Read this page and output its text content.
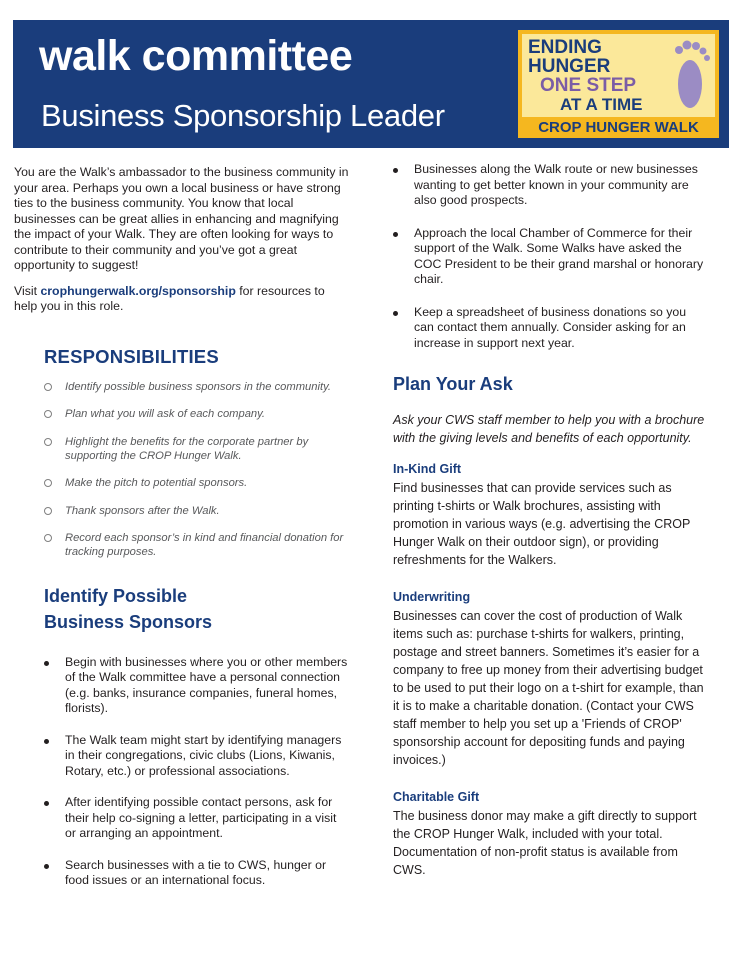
walk committee
Business Sponsorship Leader
ENDING
HUNGER
ONE STEP
AT A TIME
CROP HUNGER WALK

You are the Walk’s ambassador to the business community in your area. Perhaps you own a local business or have strong ties to the business community. You know that local businesses can be great allies in enhancing and magnifying the impact of your Walk. They are often looking for ways to contribute to their community and you’ve got a great opportunity to suggest!

Visit crophungerwalk.org/sponsorship for resources to help you in this role.

RESPONSIBILITIES
Identify possible business sponsors in the community.
Plan what you will ask of each company.
Highlight the benefits for the corporate partner by supporting the CROP Hunger Walk.
Make the pitch to potential sponsors.
Thank sponsors after the Walk.
Record each sponsor’s in kind and financial donation for tracking purposes.
Identify Possible
Business Sponsors
Begin with businesses where you or other members of the Walk committee have a personal connection (e.g. banks, insurance companies, funeral homes, florists).
The Walk team might start by identifying managers in their congregations, civic clubs (Lions, Kiwanis, Rotary, etc.) or professional associations.
After identifying possible contact persons, ask for their help co-signing a letter, participating in a visit or arranging an appointment.
Search businesses with a tie to CWS, hunger or food issues or an international focus.
Businesses along the Walk route or new businesses wanting to get better known in your community are also good prospects.
Approach the local Chamber of Commerce for their support of the Walk. Some Walks have asked the COC President to be their grand marshal or honorary chair.
Keep a spreadsheet of business donations so you can contact them annually. Consider asking for an increase in support next year.
Plan Your Ask

Ask your CWS staff member to help you with a brochure with the giving levels and benefits of each opportunity.

In-Kind Gift

Find businesses that can provide services such as printing t-shirts or Walk brochures, assisting with promotion in various ways (e.g. advertising the CROP Hunger Walk on their outdoor sign), or providing refreshments for the Walkers.

Underwriting

Businesses can cover the cost of production of Walk items such as: purchase t-shirts for walkers, printing, postage and street banners. Sometimes it’s easier for a company to free up money from their advertising budget to be used to put their logo on a t-shirt for example, than it is to make a charitable donation. (Contact your CWS staff member to help you set up a 'Friends of CROP' sponsorship account for depositing funds and paying invoices.)

Charitable Gift

The business donor may make a gift directly to support the CROP Hunger Walk, included with your total. Documentation of non-profit status is available from CWS.
